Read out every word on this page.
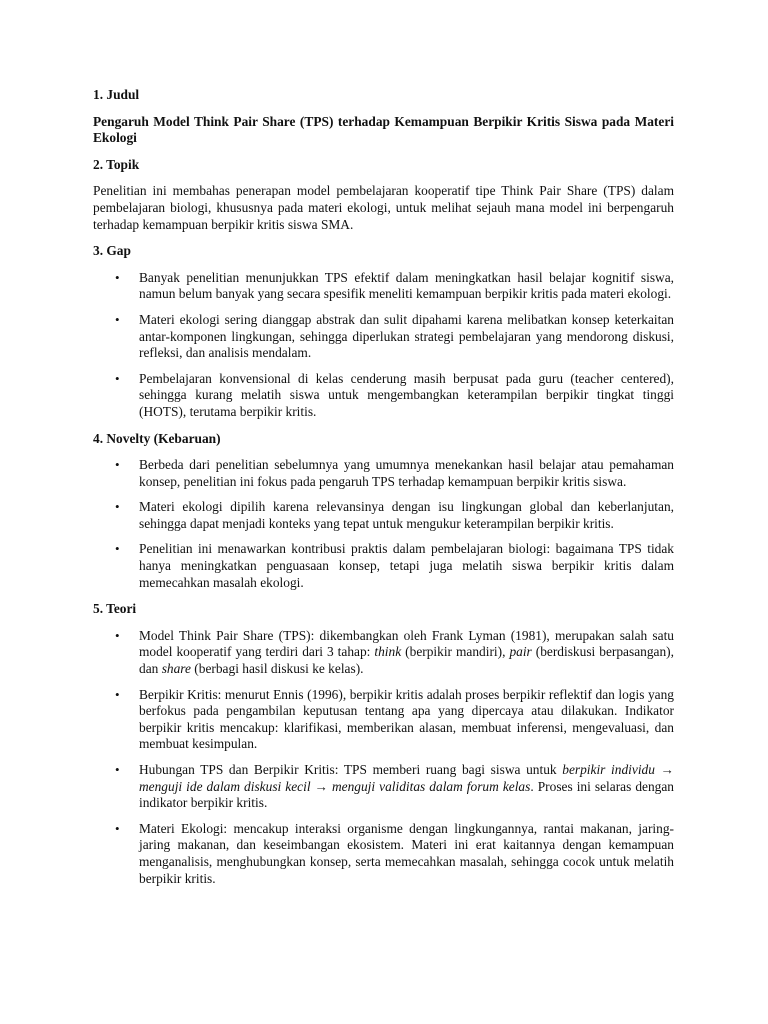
1. Judul
Pengaruh Model Think Pair Share (TPS) terhadap Kemampuan Berpikir Kritis Siswa pada Materi Ekologi
2. Topik
Penelitian ini membahas penerapan model pembelajaran kooperatif tipe Think Pair Share (TPS) dalam pembelajaran biologi, khususnya pada materi ekologi, untuk melihat sejauh mana model ini berpengaruh terhadap kemampuan berpikir kritis siswa SMA.
3. Gap
• Banyak penelitian menunjukkan TPS efektif dalam meningkatkan hasil belajar kognitif siswa, namun belum banyak yang secara spesifik meneliti kemampuan berpikir kritis pada materi ekologi.
• Materi ekologi sering dianggap abstrak dan sulit dipahami karena melibatkan konsep keterkaitan antar-komponen lingkungan, sehingga diperlukan strategi pembelajaran yang mendorong diskusi, refleksi, dan analisis mendalam.
• Pembelajaran konvensional di kelas cenderung masih berpusat pada guru (teacher centered), sehingga kurang melatih siswa untuk mengembangkan keterampilan berpikir tingkat tinggi (HOTS), terutama berpikir kritis.
4. Novelty (Kebaruan)
• Berbeda dari penelitian sebelumnya yang umumnya menekankan hasil belajar atau pemahaman konsep, penelitian ini fokus pada pengaruh TPS terhadap kemampuan berpikir kritis siswa.
• Materi ekologi dipilih karena relevansinya dengan isu lingkungan global dan keberlanjutan, sehingga dapat menjadi konteks yang tepat untuk mengukur keterampilan berpikir kritis.
• Penelitian ini menawarkan kontribusi praktis dalam pembelajaran biologi: bagaimana TPS tidak hanya meningkatkan penguasaan konsep, tetapi juga melatih siswa berpikir kritis dalam memecahkan masalah ekologi.
5. Teori
• Model Think Pair Share (TPS): dikembangkan oleh Frank Lyman (1981), merupakan salah satu model kooperatif yang terdiri dari 3 tahap: think (berpikir mandiri), pair (berdiskusi berpasangan), dan share (berbagi hasil diskusi ke kelas).
• Berpikir Kritis: menurut Ennis (1996), berpikir kritis adalah proses berpikir reflektif dan logis yang berfokus pada pengambilan keputusan tentang apa yang dipercaya atau dilakukan. Indikator berpikir kritis mencakup: klarifikasi, memberikan alasan, membuat inferensi, mengevaluasi, dan membuat kesimpulan.
• Hubungan TPS dan Berpikir Kritis: TPS memberi ruang bagi siswa untuk berpikir individu → menguji ide dalam diskusi kecil → menguji validitas dalam forum kelas. Proses ini selaras dengan indikator berpikir kritis.
• Materi Ekologi: mencakup interaksi organisme dengan lingkungannya, rantai makanan, jaring-jaring makanan, dan keseimbangan ekosistem. Materi ini erat kaitannya dengan kemampuan menganalisis, menghubungkan konsep, serta memecahkan masalah, sehingga cocok untuk melatih berpikir kritis.
